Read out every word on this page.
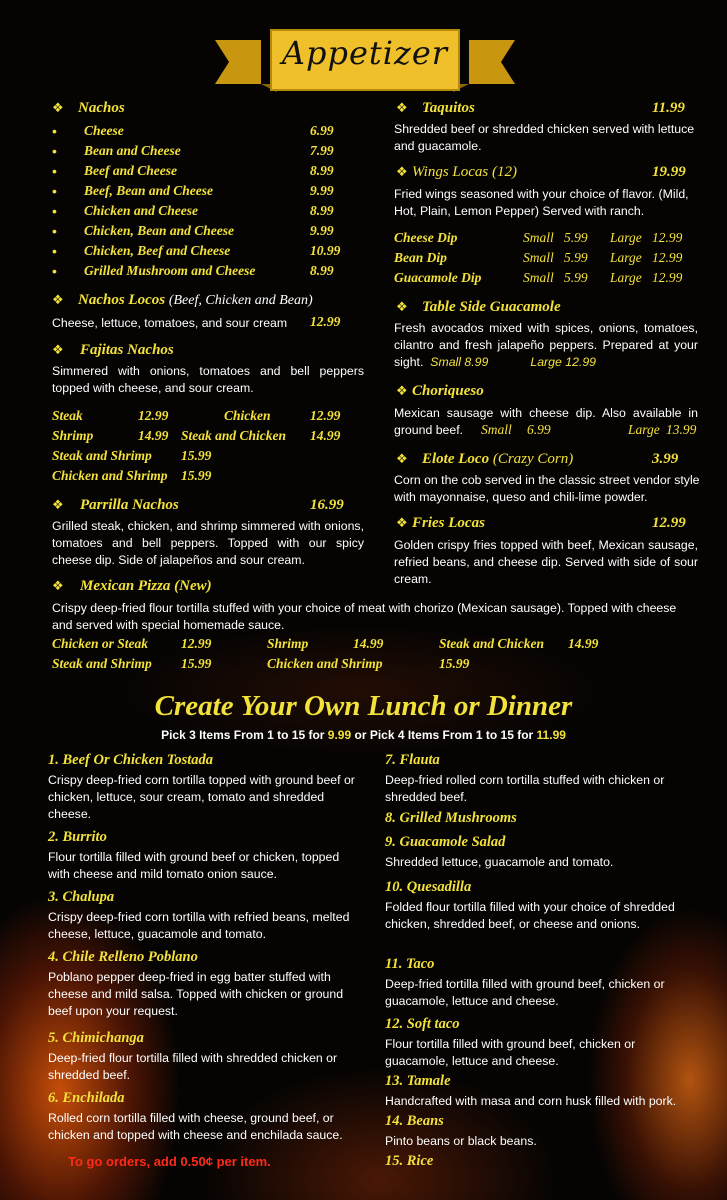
Appetizer
❖ Nachos
• Cheese	6.99
• Bean and Cheese	7.99
• Beef and Cheese	8.99
• Beef, Bean and Cheese	9.99
• Chicken and Cheese	8.99
• Chicken, Bean and Cheese	9.99
• Chicken, Beef and Cheese	10.99
• Grilled Mushroom and Cheese	8.99
❖ Nachos Locos (Beef, Chicken and Bean)
Cheese, lettuce, tomatoes, and sour cream 12.99
❖ Fajitas Nachos
Simmered with onions, tomatoes and bell peppers topped with cheese, and sour cream.
Steak	12.99	Chicken	12.99
Shrimp	14.99 Steak and Chicken 14.99
Steak and Shrimp 15.99
Chicken and Shrimp 15.99
❖ Parrilla Nachos	16.99
Grilled steak, chicken, and shrimp simmered with onions, tomatoes and bell peppers. Topped with our spicy cheese dip. Side of jalapeños and sour cream.
❖ Taquitos	11.99
Shredded beef or shredded chicken served with lettuce and guacamole.
❖ Wings Locas (12)	19.99
Fried wings seasoned with your choice of flavor. (Mild, Hot, Plain, Lemon Pepper) Served with ranch.
Cheese Dip	Small 5.99 Large 12.99
Bean Dip	Small 5.99 Large 12.99
Guacamole Dip	Small 5.99 Large 12.99
❖ Table Side Guacamole
Fresh avocados mixed with spices, onions, tomatoes, cilantro and fresh jalapeño peppers. Prepared at your sight. Small 8.99	Large 12.99
❖ Choriqueso
Mexican sausage with cheese dip. Also available in ground beef.	Small 6.99	Large 13.99
❖ Elote Loco (Crazy Corn)	3.99
Corn on the cob served in the classic street vendor style with mayonnaise, queso and chili-lime powder.
❖ Fries Locas	12.99
Golden crispy fries topped with beef, Mexican sausage, refried beans, and cheese dip. Served with side of sour cream.
❖ Mexican Pizza (New)
Crispy deep-fried flour tortilla stuffed with your choice of meat with chorizo (Mexican sausage). Topped with cheese and served with special homemade sauce.
Chicken or Steak 12.99	Shrimp	14.99	Steak and Chicken 14.99
Steak and Shrimp 15.99	Chicken and Shrimp	15.99
Create Your Own Lunch or Dinner
Pick 3 Items From 1 to 15 for 9.99 or Pick 4 Items From 1 to 15 for 11.99
1. Beef Or Chicken Tostada
Crispy deep-fried corn tortilla topped with ground beef or chicken, lettuce, sour cream, tomato and shredded cheese.
2. Burrito
Flour tortilla filled with ground beef or chicken, topped with cheese and mild tomato onion sauce.
3. Chalupa
Crispy deep-fried corn tortilla with refried beans, melted cheese, lettuce, guacamole and tomato.
4. Chile Relleno Poblano
Poblano pepper deep-fried in egg batter stuffed with cheese and mild salsa. Topped with chicken or ground beef upon your request.
5. Chimichanga
Deep-fried flour tortilla filled with shredded chicken or shredded beef.
6. Enchilada
Rolled corn tortilla filled with cheese, ground beef, or chicken and topped with cheese and enchilada sauce.
7. Flauta
Deep-fried rolled corn tortilla stuffed with chicken or shredded beef.
8. Grilled Mushrooms
9. Guacamole Salad
Shredded lettuce, guacamole and tomato.
10. Quesadilla
Folded flour tortilla filled with your choice of shredded chicken, shredded beef, or cheese and onions.
11. Taco
Deep-fried tortilla filled with ground beef, chicken or guacamole, lettuce and cheese.
12. Soft taco
Flour tortilla filled with ground beef, chicken or guacamole, lettuce and cheese.
13. Tamale
Handcrafted with masa and corn husk filled with pork.
14. Beans
Pinto beans or black beans.
15. Rice
To go orders, add 0.50¢ per item.
